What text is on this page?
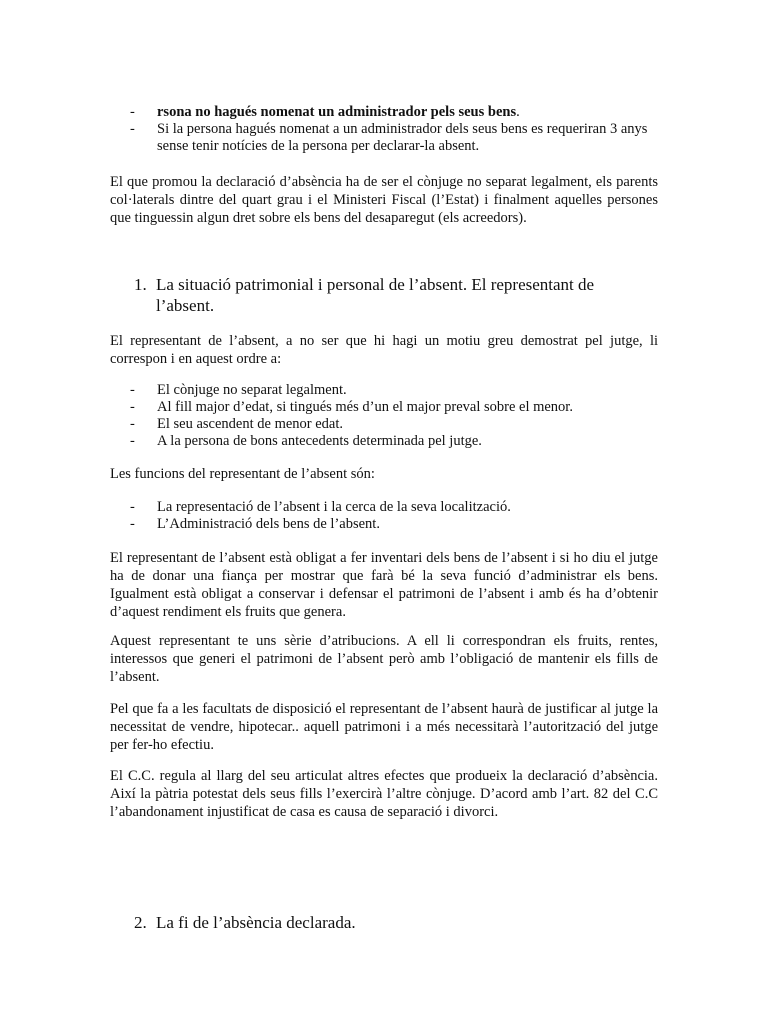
- rsona no hagués nomenat un administrador pels seus bens.
- Si la persona hagués nomenat a un administrador dels seus bens es requeriran 3 anys sense tenir notícies de la persona per declarar-la absent.

El que promou la declaració d’absència ha de ser el cònjuge no separat legalment, els parents col·laterals dintre del quart grau i el Ministeri Fiscal (l’Estat) i finalment aquelles persones que tinguessin algun dret sobre els bens del desaparegut (els acreedors).

1. La situació patrimonial i personal de l’absent. El representant de
l’absent.

El representant de l’absent, a no ser que hi hagi un motiu greu demostrat pel jutge, li correspon i en aquest ordre a:

- El cònjuge no separat legalment.
- Al fill major d’edat, si tingués més d’un el major preval sobre el menor.
- El seu ascendent de menor edat.
- A la persona de bons antecedents determinada pel jutge.

Les funcions del representant de l’absent són:

- La representació de l’absent i la cerca de la seva localització.
- L’Administració dels bens de l’absent.

El representant de l’absent està obligat a fer inventari dels bens de l’absent i si ho diu el jutge ha de donar una fiança per mostrar que farà bé la seva funció d’administrar els bens. Igualment està obligat a conservar i defensar el patrimoni de l’absent i amb és ha d’obtenir d’aquest rendiment els fruits que genera.

Aquest representant te uns sèrie d’atribucions. A ell li correspondran els fruits, rentes, interessos que generi el patrimoni de l’absent però amb l’obligació de mantenir els fills de l’absent.

Pel que fa a les facultats de disposició el representant de l’absent haurà de justificar al jutge la necessitat de vendre, hipotecar.. aquell patrimoni i a més necessitarà l’autorització del jutge per fer-ho efectiu.

El C.C. regula al llarg del seu articulat altres efectes que produeix la declaració d’absència. Així la pàtria potestat dels seus fills l’exercirà l’altre cònjuge. D’acord amb l’art. 82 del C.C l’abandonament injustificat de casa es causa de separació i divorci.

2. La fi de l’absència declarada.
